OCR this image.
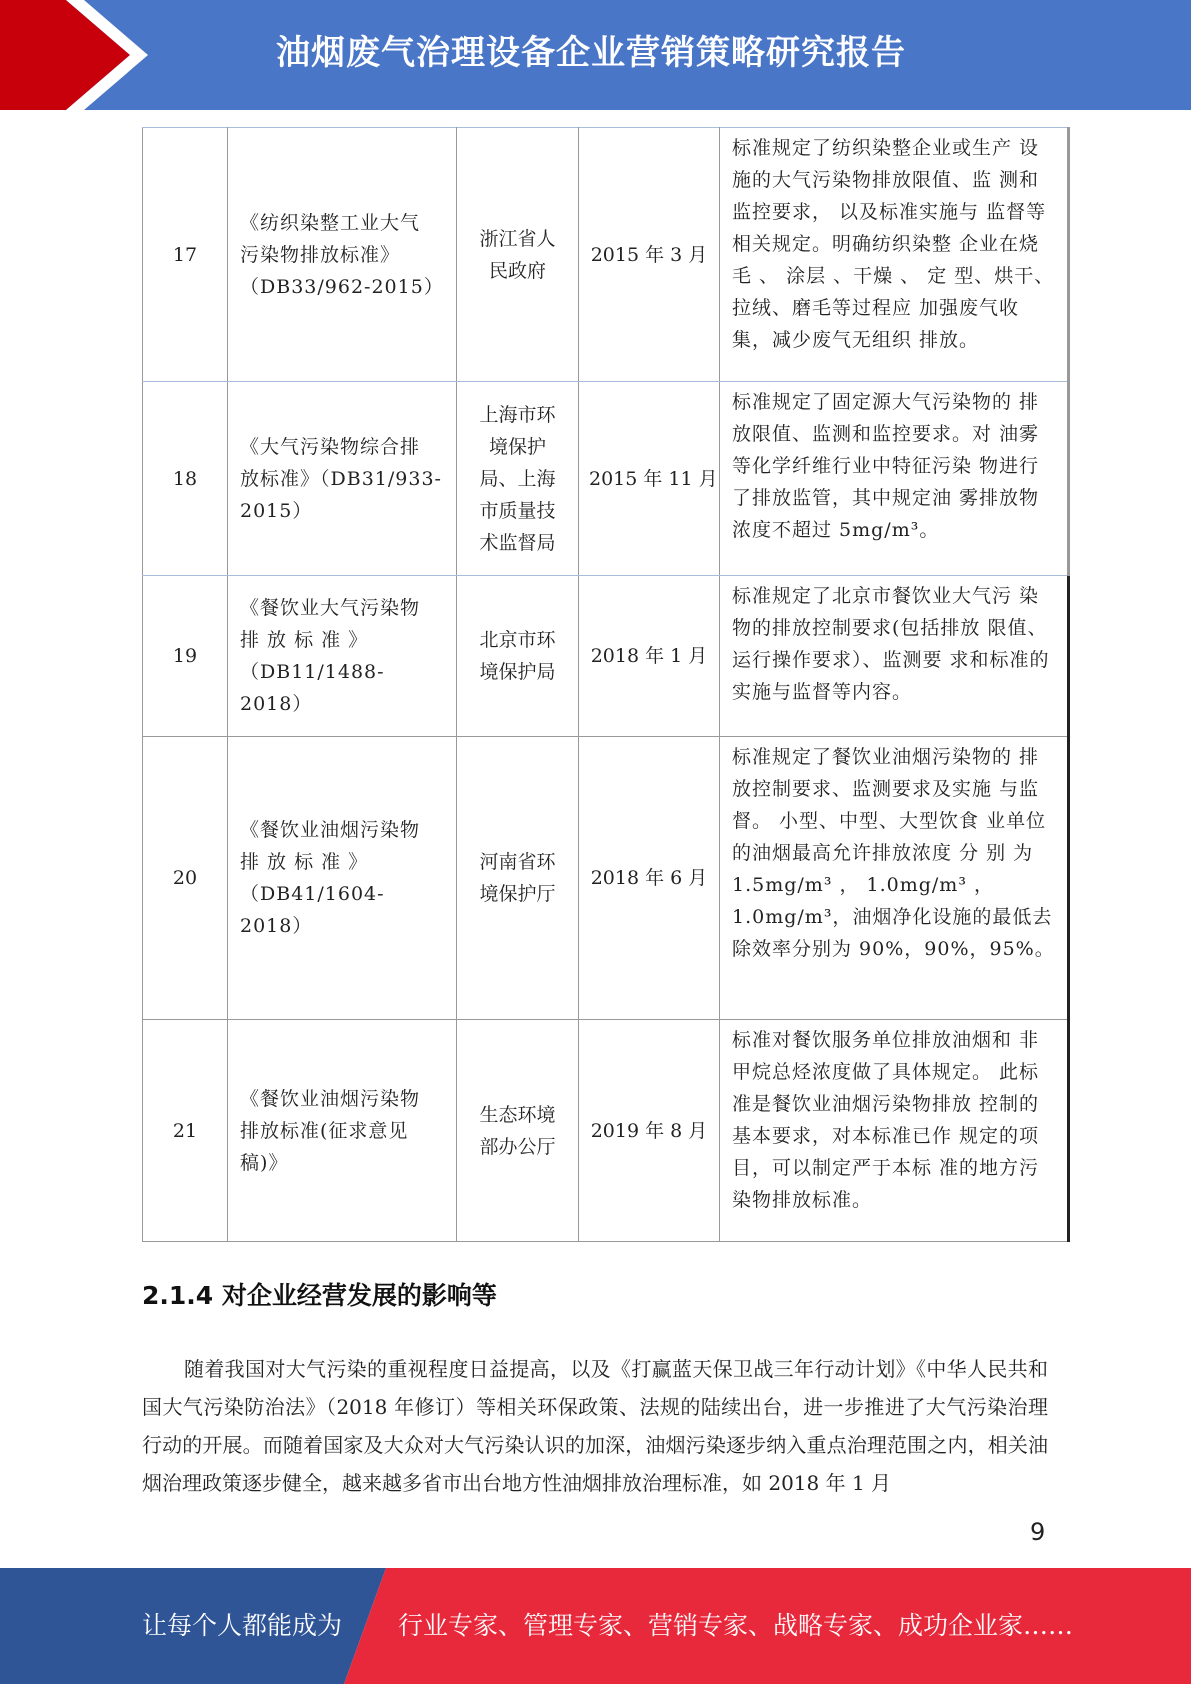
油烟废气治理设备企业营销策略研究报告
17	《纺织染整工业大气 污染物排放标准》（DB33/962-2015）	浙江省人民政府	2015 年 3 月	标准规定了纺织染整企业或生产 设施的大气污染物排放限值、监 测和监控要求， 以及标准实施与 监督等相关规定。明确纺织染整 企业在烧毛 、 涂层 、干燥 、 定 型、烘干、拉绒、磨毛等过程应 加强废气收集，减少废气无组织 排放。
18	《大气污染物综合排 放标准》（DB31/933- 2015）	上海市环境保护局、上海市质量技术监督局	2015 年 11 月	标准规定了固定源大气污染物的 排放限值、监测和监控要求。对 油雾等化学纤维行业中特征污染 物进行了排放监管，其中规定油 雾排放物浓度不超过 5mg/m³。
19	《餐饮业大气污染物 排 放 标 准 》（DB11/1488-2018）	北京市环境保护局	2018 年 1 月	标准规定了北京市餐饮业大气污 染物的排放控制要求(包括排放 限值、运行操作要求）、监测要 求和标准的实施与监督等内容。
20	《餐饮业油烟污染物 排 放 标 准 》（DB41/1604-2018）	河南省环境保护厅	2018 年 6 月	标准规定了餐饮业油烟污染物的 排放控制要求、监测要求及实施 与监督。 小型、中型、大型饮食 业单位的油烟最高允许排放浓度 分 别 为 1.5mg/m³ ， 1.0mg/m³ ，1.0mg/m³，油烟净化设施的最低去 除效率分别为 90%，90%，95%。
21	《餐饮业油烟污染物 排放标准(征求意见 稿)》	生态环境部办公厅	2019 年 8 月	标准对餐饮服务单位排放油烟和 非甲烷总烃浓度做了具体规定。 此标准是餐饮业油烟污染物排放 控制的基本要求，对本标准已作 规定的项目，可以制定严于本标 准的地方污染物排放标准。
2.1.4 对企业经营发展的影响等

随着我国对大气污染的重视程度日益提高，以及《打赢蓝天保卫战三年行动计划》《中华人民共和国大气污染防治法》（2018 年修订）等相关环保政策、法规的陆续出台，进一步推进了大气污染治理行动的开展。而随着国家及大众对大气污染认识的加深，油烟污染逐步纳入重点治理范围之内，相关油烟治理政策逐步健全，越来越多省市出台地方性油烟排放治理标准，如 2018 年 1 月

9
让每个人都能成为 行业专家、管理专家、营销专家、战略专家、成功企业家……
